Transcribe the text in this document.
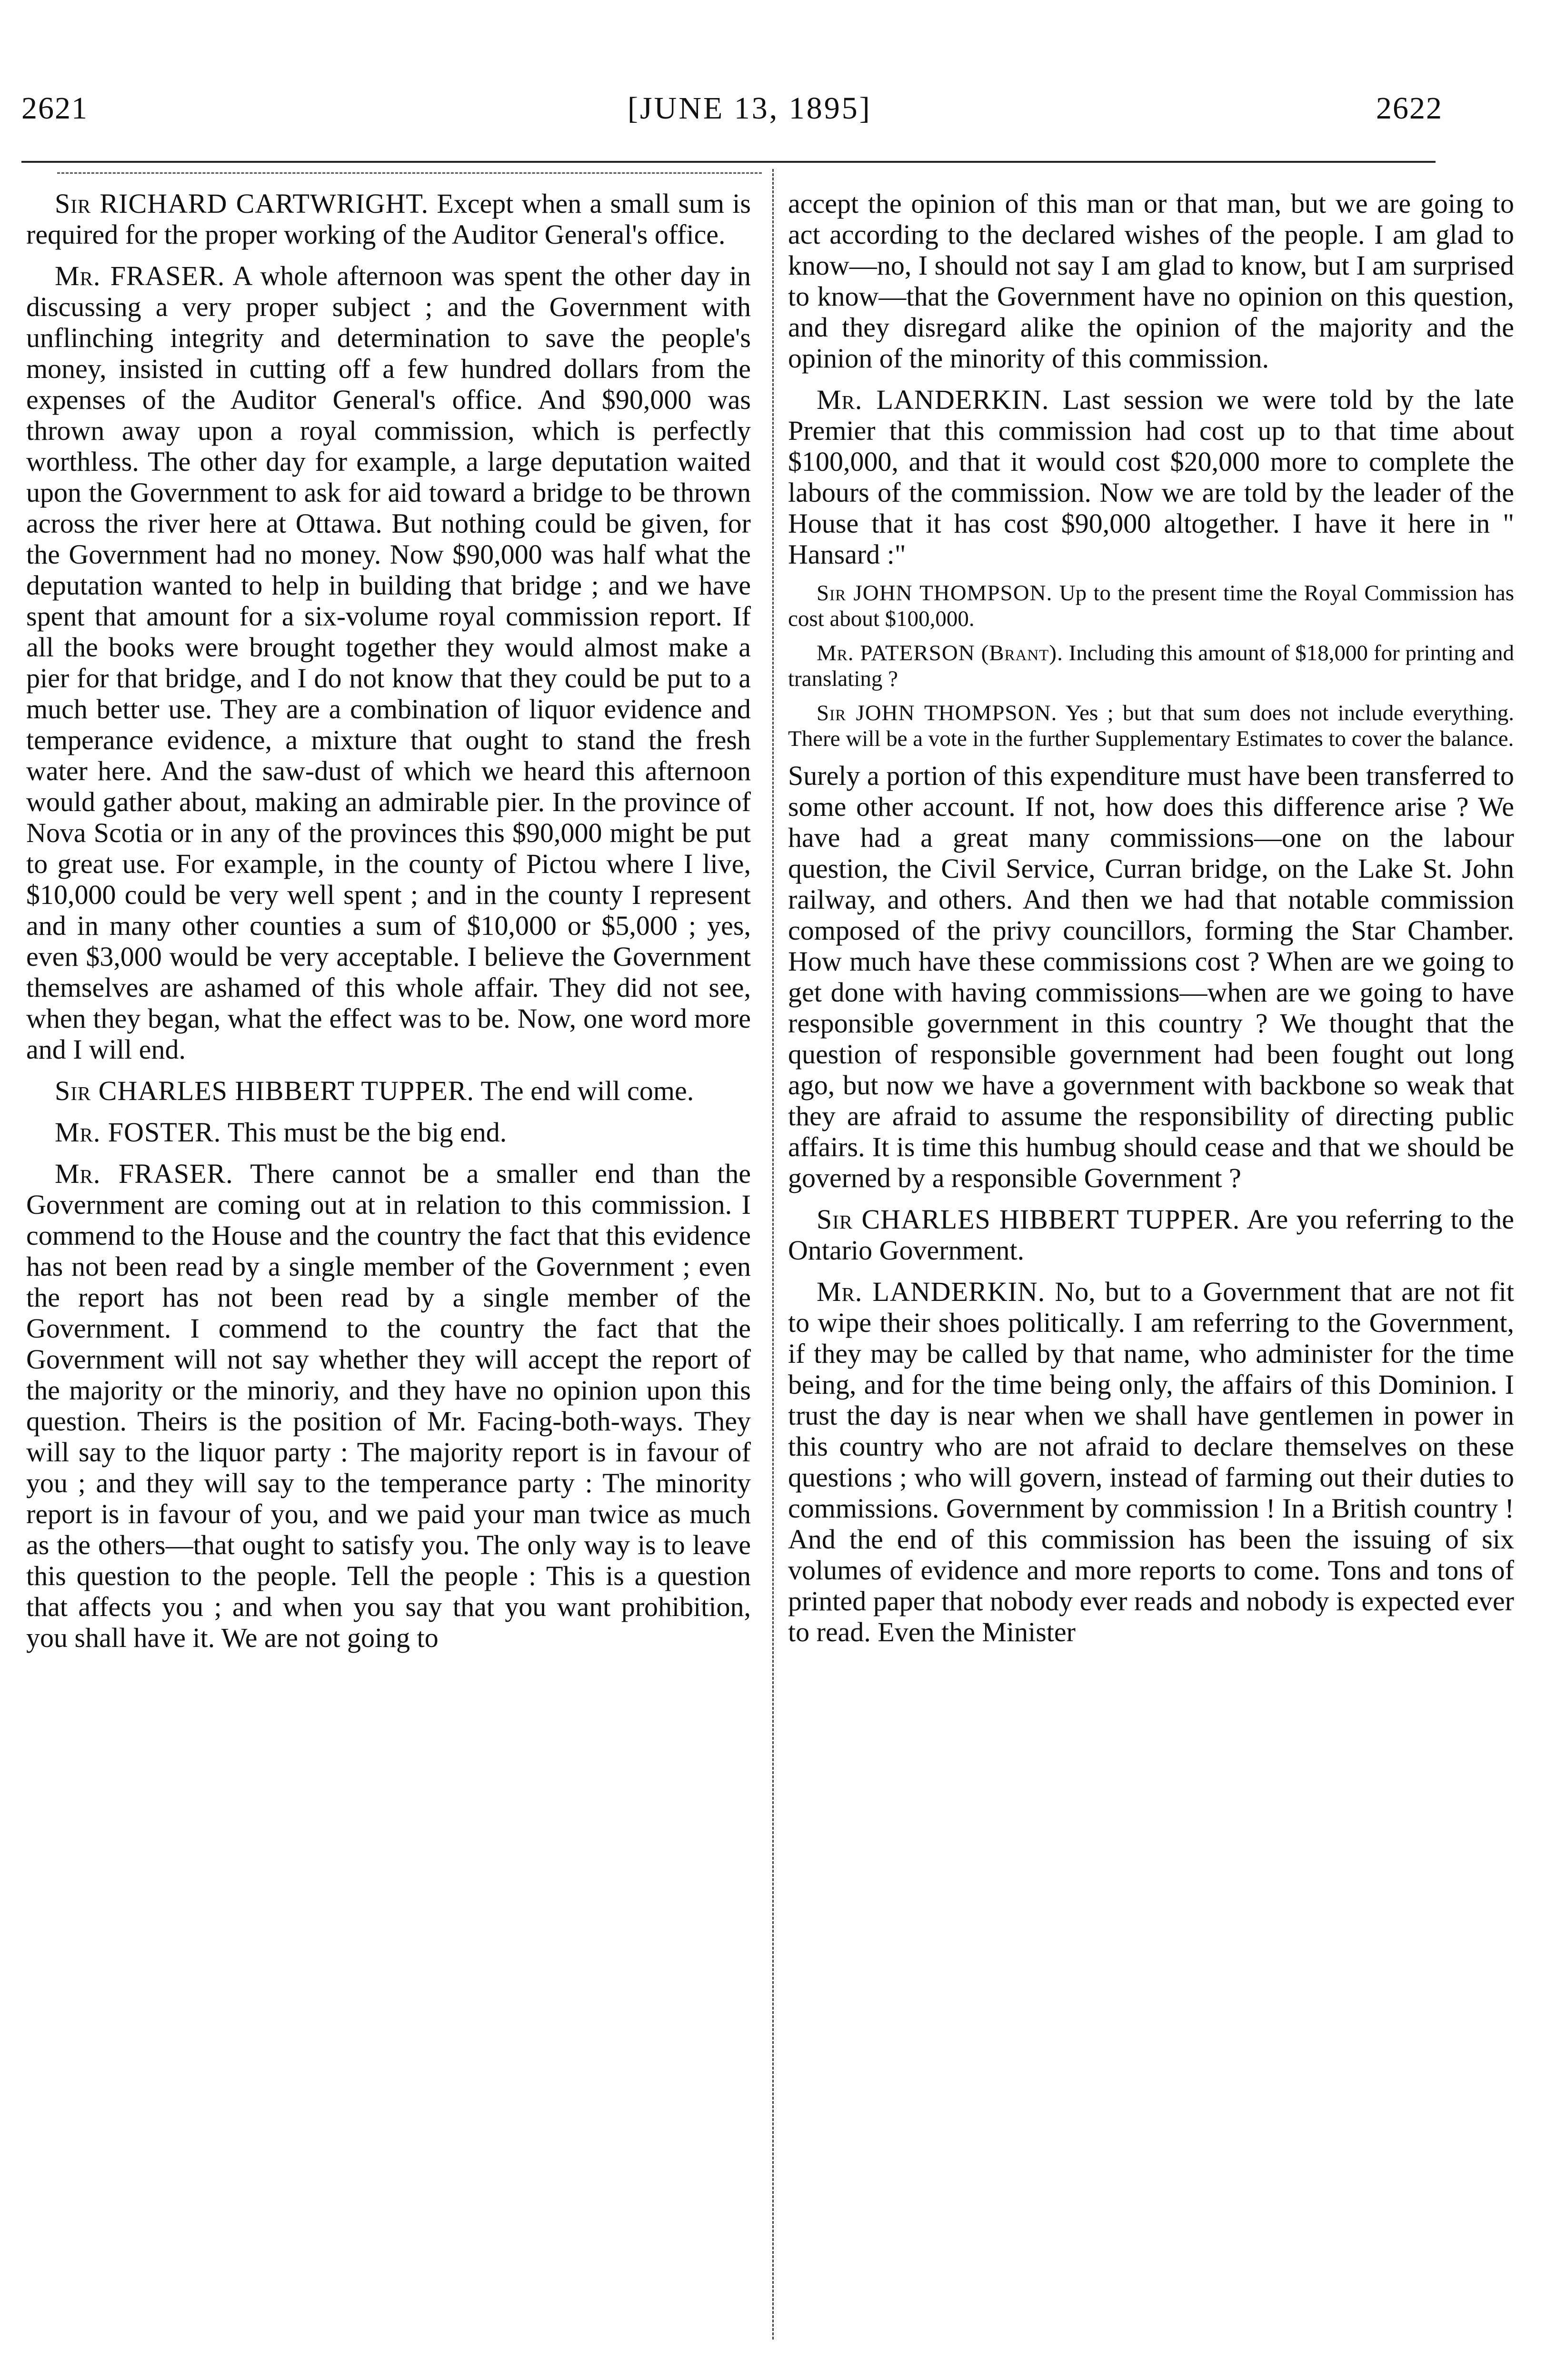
2621	[JUNE 13, 1895]	2622

Sir RICHARD CARTWRIGHT. Except when a small sum is required for the proper working of the Auditor General's office.

Mr. FRASER. A whole afternoon was spent the other day in discussing a very proper subject ; and the Government with unflinching integrity and determination to save the people's money, insisted in cutting off a few hundred dollars from the expenses of the Auditor General's office. And $90,000 was thrown away upon a royal commission, which is perfectly worthless. The other day for example, a large deputation waited upon the Government to ask for aid toward a bridge to be thrown across the river here at Ottawa. But nothing could be given, for the Government had no money. Now $90,000 was half what the deputation wanted to help in building that bridge ; and we have spent that amount for a six-volume royal commission report. If all the books were brought together they would almost make a pier for that bridge, and I do not know that they could be put to a much better use. They are a combination of liquor evidence and temperance evidence, a mixture that ought to stand the fresh water here. And the saw-dust of which we heard this afternoon would gather about, making an admirable pier. In the province of Nova Scotia or in any of the provinces this $90,000 might be put to great use. For example, in the county of Pictou where I live, $10,000 could be very well spent ; and in the county I represent and in many other counties a sum of $10,000 or $5,000 ; yes, even $3,000 would be very acceptable. I believe the Government themselves are ashamed of this whole affair. They did not see, when they began, what the effect was to be. Now, one word more and I will end.

Sir CHARLES HIBBERT TUPPER. The end will come.

Mr. FOSTER. This must be the big end.

Mr. FRASER. There cannot be a smaller end than the Government are coming out at in relation to this commission. I commend to the House and the country the fact that this evidence has not been read by a single member of the Government ; even the report has not been read by a single member of the Government. I commend to the country the fact that the Government will not say whether they will accept the report of the majority or the minoriy, and they have no opinion upon this question. Theirs is the position of Mr. Facing-both-ways. They will say to the liquor party : The majority report is in favour of you ; and they will say to the temperance party : The minority report is in favour of you, and we paid your man twice as much as the others—that ought to satisfy you. The only way is to leave this question to the people. Tell the people : This is a question that affects you ; and when you say that you want prohibition, you shall have it. We are not going to

accept the opinion of this man or that man, but we are going to act according to the declared wishes of the people. I am glad to know—no, I should not say I am glad to know, but I am surprised to know—that the Government have no opinion on this question, and they disregard alike the opinion of the majority and the opinion of the minority of this commission.

Mr. LANDERKIN. Last session we were told by the late Premier that this commission had cost up to that time about $100,000, and that it would cost $20,000 more to complete the labours of the commission. Now we are told by the leader of the House that it has cost $90,000 altogether. I have it here in " Hansard :"

Sir JOHN THOMPSON. Up to the present time the Royal Commission has cost about $100,000.

Mr. PATERSON (Brant). Including this amount of $18,000 for printing and translating ?

Sir JOHN THOMPSON. Yes ; but that sum does not include everything. There will be a vote in the further Supplementary Estimates to cover the balance.

Surely a portion of this expenditure must have been transferred to some other account. If not, how does this difference arise ? We have had a great many commissions—one on the labour question, the Civil Service, Curran bridge, on the Lake St. John railway, and others. And then we had that notable commission composed of the privy councillors, forming the Star Chamber. How much have these commissions cost ? When are we going to get done with having commissions—when are we going to have responsible government in this country ? We thought that the question of responsible government had been fought out long ago, but now we have a government with backbone so weak that they are afraid to assume the responsibility of directing public affairs. It is time this humbug should cease and that we should be governed by a responsible Government ?

Sir CHARLES HIBBERT TUPPER. Are you referring to the Ontario Government.

Mr. LANDERKIN. No, but to a Government that are not fit to wipe their shoes politically. I am referring to the Government, if they may be called by that name, who administer for the time being, and for the time being only, the affairs of this Dominion. I trust the day is near when we shall have gentlemen in power in this country who are not afraid to declare themselves on these questions ; who will govern, instead of farming out their duties to commissions. Government by commission ! In a British country ! And the end of this commission has been the issuing of six volumes of evidence and more reports to come. Tons and tons of printed paper that nobody ever reads and nobody is expected ever to read. Even the Minister
